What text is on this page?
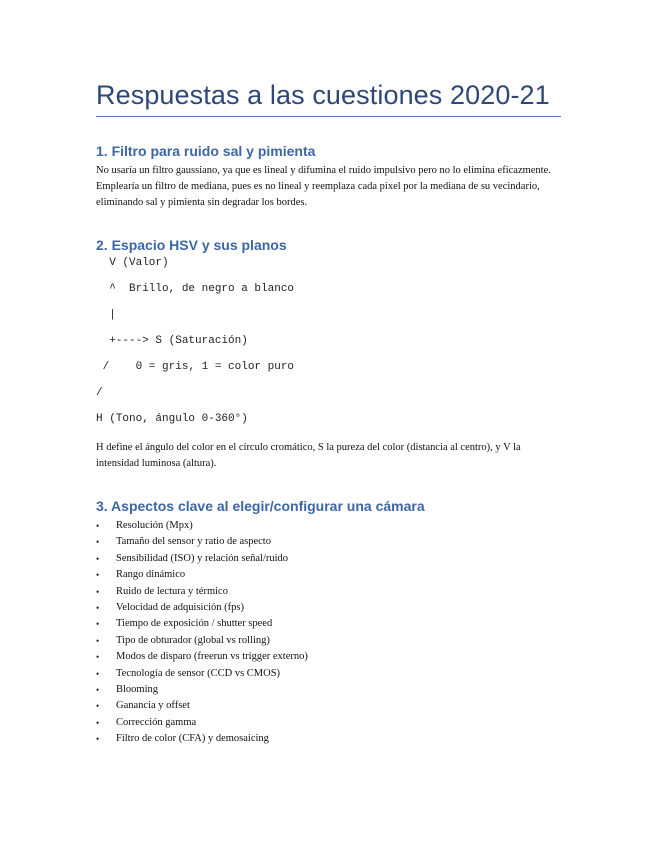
Respuestas a las cuestiones 2020-21
1. Filtro para ruido sal y pimienta
No usaría un filtro gaussiano, ya que es lineal y difumina el ruido impulsivo pero no lo elimina eficazmente. Emplearía un filtro de mediana, pues es no lineal y reemplaza cada píxel por la mediana de su vecindario, eliminando sal y pimienta sin degradar los bordes.
2. Espacio HSV y sus planos
V (Valor)
^  Brillo, de negro a blanco
|
+----> S (Saturación)
/    0 = gris, 1 = color puro
/
H (Tono, ángulo 0-360°)
H define el ángulo del color en el círculo cromático, S la pureza del color (distancia al centro), y V la intensidad luminosa (altura).
3. Aspectos clave al elegir/configurar una cámara
• Resolución (Mpx)
• Tamaño del sensor y ratio de aspecto
• Sensibilidad (ISO) y relación señal/ruido
• Rango dinámico
• Ruido de lectura y térmico
• Velocidad de adquisición (fps)
• Tiempo de exposición / shutter speed
• Tipo de obturador (global vs rolling)
• Modos de disparo (freerun vs trigger externo)
• Tecnología de sensor (CCD vs CMOS)
• Blooming
• Ganancia y offset
• Corrección gamma
• Filtro de color (CFA) y demosaicing
